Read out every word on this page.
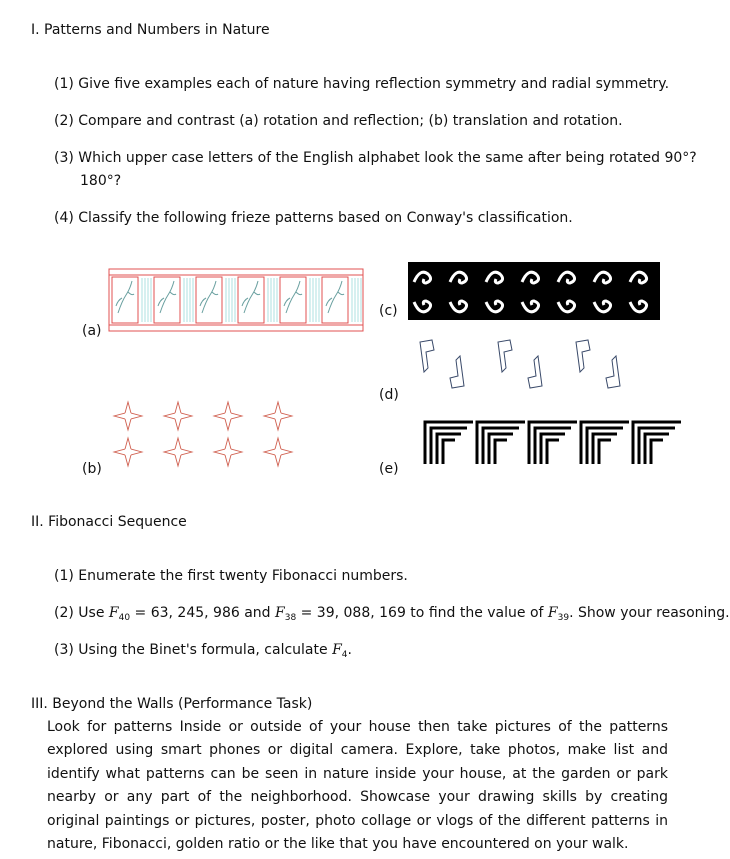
I. Patterns and Numbers in Nature
(1) Give five examples each of nature having reflection symmetry and radial symmetry.
(2) Compare and contrast (a) rotation and reflection; (b) translation and rotation.
(3) Which upper case letters of the English alphabet look the same after being rotated 90°?
180°?
(4) Classify the following frieze patterns based on Conway's classification.
(a)
(b)
(c)
(d)
(e)
II. Fibonacci Sequence
(1) Enumerate the first twenty Fibonacci numbers.
(2) Use $F_{40} = 63$, 245, 986 and $F_{38} = 39$, 088, 169 to find the value of $F_{39}$. Show your reasoning.
(3) Using the Binet's formula, calculate $F_4$.
III. Beyond the Walls (Performance Task)
Look for patterns Inside or outside of your house then take pictures of the patterns explored using smart phones or digital camera. Explore, take photos, make list and identify what patterns can be seen in nature inside your house, at the garden or park nearby or any part of the neighborhood. Showcase your drawing skills by creating original paintings or pictures, poster, photo collage or vlogs of the different patterns in nature, Fibonacci, golden ratio or the like that you have encountered on your walk.
